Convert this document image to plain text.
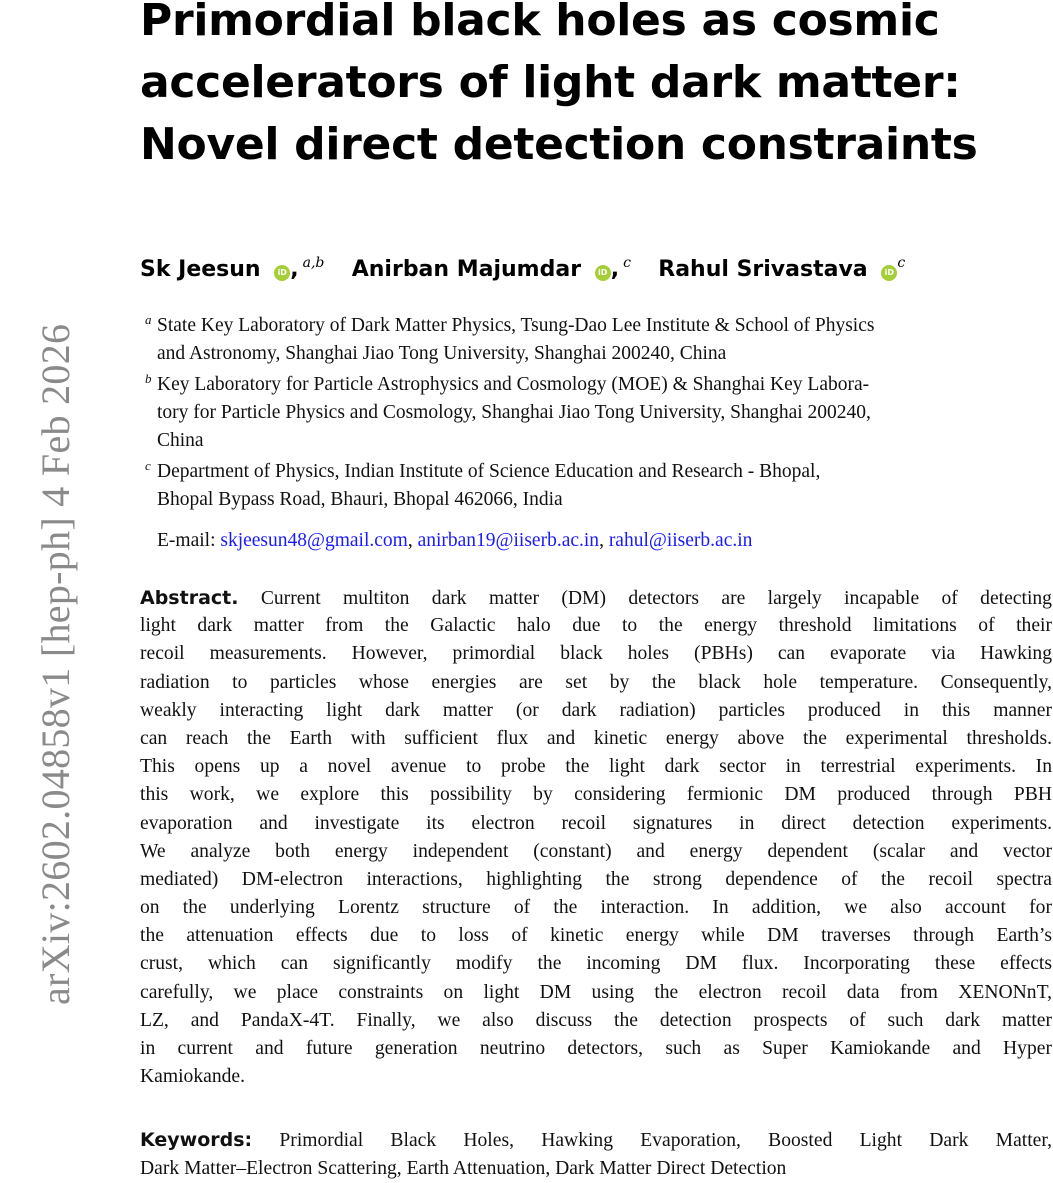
arXiv:2602.04858v1 [hep-ph] 4 Feb 2026
Primordial black holes as cosmic
accelerators of light dark matter:
Novel direct detection constraints
Sk Jeesun iD , $^{a,b}$ Anirban Majumdar iD , $^c$ Rahul Srivastava $iD^c$
a State Key Laboratory of Dark Matter Physics, Tsung-Dao Lee Institute & School of Physics
and Astronomy, Shanghai Jiao Tong University, Shanghai 200240, China
b Key Laboratory for Particle Astrophysics and Cosmology (MOE) & Shanghai Key Labora-
tory for Particle Physics and Cosmology, Shanghai Jiao Tong University, Shanghai 200240,
China
c Department of Physics, Indian Institute of Science Education and Research - Bhopal,
Bhopal Bypass Road, Bhauri, Bhopal 462066, India
E-mail: skjeesun48@gmail.com, anirban19@iiserb.ac.in, rahul@iiserb.ac.in
Abstract. Current multiton dark matter (DM) detectors are largely incapable of detecting
light dark matter from the Galactic halo due to the energy threshold limitations of their
recoil measurements. However, primordial black holes (PBHs) can evaporate via Hawking
radiation to particles whose energies are set by the black hole temperature. Consequently,
weakly interacting light dark matter (or dark radiation) particles produced in this manner
can reach the Earth with sufficient flux and kinetic energy above the experimental thresholds.
This opens up a novel avenue to probe the light dark sector in terrestrial experiments. In
this work, we explore this possibility by considering fermionic DM produced through PBH
evaporation and investigate its electron recoil signatures in direct detection experiments.
We analyze both energy independent (constant) and energy dependent (scalar and vector
mediated) DM-electron interactions, highlighting the strong dependence of the recoil spectra
on the underlying Lorentz structure of the interaction. In addition, we also account for
the attenuation effects due to loss of kinetic energy while DM traverses through Earth’s
crust, which can significantly modify the incoming DM flux. Incorporating these effects
carefully, we place constraints on light DM using the electron recoil data from XENONnT,
LZ, and PandaX-4T. Finally, we also discuss the detection prospects of such dark matter
in current and future generation neutrino detectors, such as Super Kamiokande and Hyper
Kamiokande.
Keywords: Primordial Black Holes, Hawking Evaporation, Boosted Light Dark Matter,
Dark Matter–Electron Scattering, Earth Attenuation, Dark Matter Direct Detection
